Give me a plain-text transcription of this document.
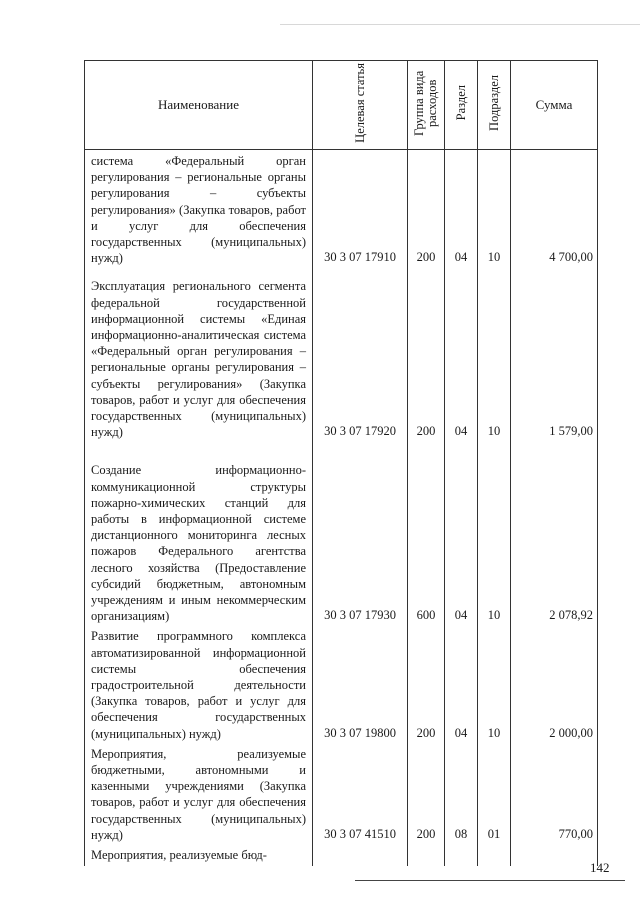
Наименование	Целевая статья	Группа вида расходов	Раздел	Подраздел	Сумма
система «Федеральный орган регулирования – региональные органы регулирования – субъекты регулирования» (Закупка товаров, работ и услуг для обеспечения государственных (муниципальных) нужд)	30 3 07 17910	200	04	10	4 700,00
Эксплуатация регионального сегмента федеральной государственной информационной системы «Единая информационно-аналитическая система «Федеральный орган регулирования – региональные органы регулирования – субъекты регулирования» (Закупка товаров, работ и услуг для обеспечения государственных (муниципальных) нужд)	30 3 07 17920	200	04	10	1 579,00
Создание информационно-коммуникационной структуры пожарно-химических станций для работы в информационной системе дистанционного мониторинга лесных пожаров Федерального агентства лесного хозяйства (Предоставление субсидий бюджетным, автономным учреждениям и иным некоммерческим организациям)	30 3 07 17930	600	04	10	2 078,92
Развитие программного комплекса автоматизированной информационной системы обеспечения градостроительной деятельности (Закупка товаров, работ и услуг для обеспечения государственных (муниципальных) нужд)	30 3 07 19800	200	04	10	2 000,00
Мероприятия, реализуемые бюджетными, автономными и казенными учреждениями (Закупка товаров, работ и услуг для обеспечения государственных (муниципальных) нужд)	30 3 07 41510	200	08	01	770,00
Мероприятия, реализуемые бюд-					
142
